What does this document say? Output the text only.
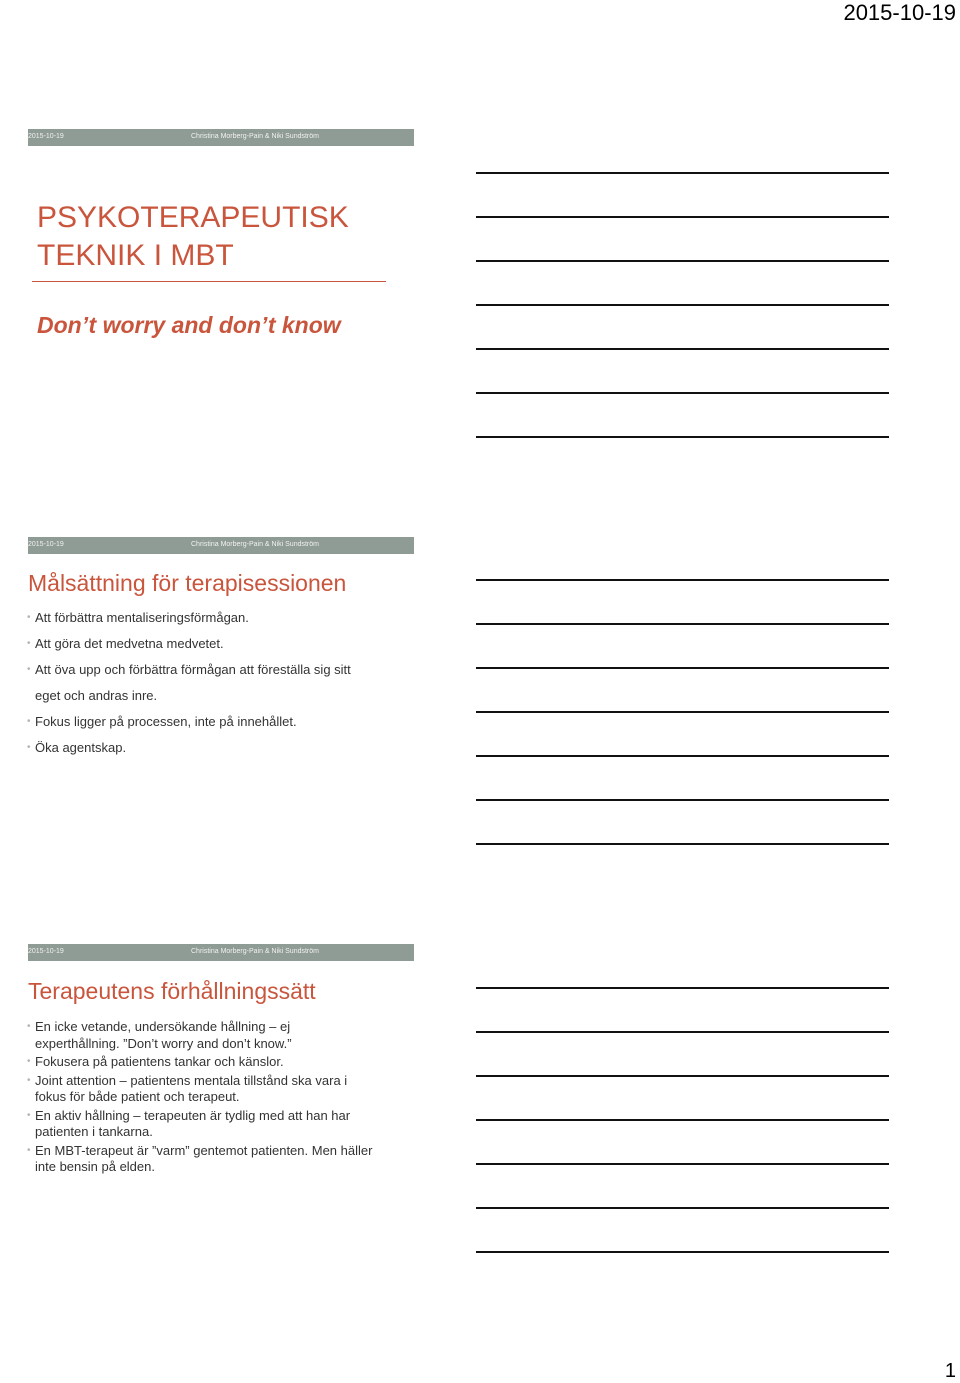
2015-10-19
2015-10-19	Christina Morberg-Pain & Niki Sundström
PSYKOTERAPEUTISK
TEKNIK I MBT
Don’t worry and don’t know
2015-10-19	Christina Morberg-Pain & Niki Sundström
Målsättning för terapisessionen
• Att förbättra mentaliseringsförmågan.
• Att göra det medvetna medvetet.
• Att öva upp och förbättra förmågan att föreställa sig sitt eget och andras inre.
• Fokus ligger på processen, inte på innehållet.
• Öka agentskap.
2015-10-19	Christina Morberg-Pain & Niki Sundström
Terapeutens förhållningssätt
• En icke vetande, undersökande hållning – ej experthållning. ”Don’t worry and don’t know.”
• Fokusera på patientens tankar och känslor.
• Joint attention – patientens mentala tillstånd ska vara i fokus för både patient och terapeut.
• En aktiv hållning – terapeuten är tydlig med att han har patienten i tankarna.
• En MBT-terapeut är ”varm” gentemot patienten. Men häller inte bensin på elden.
1
